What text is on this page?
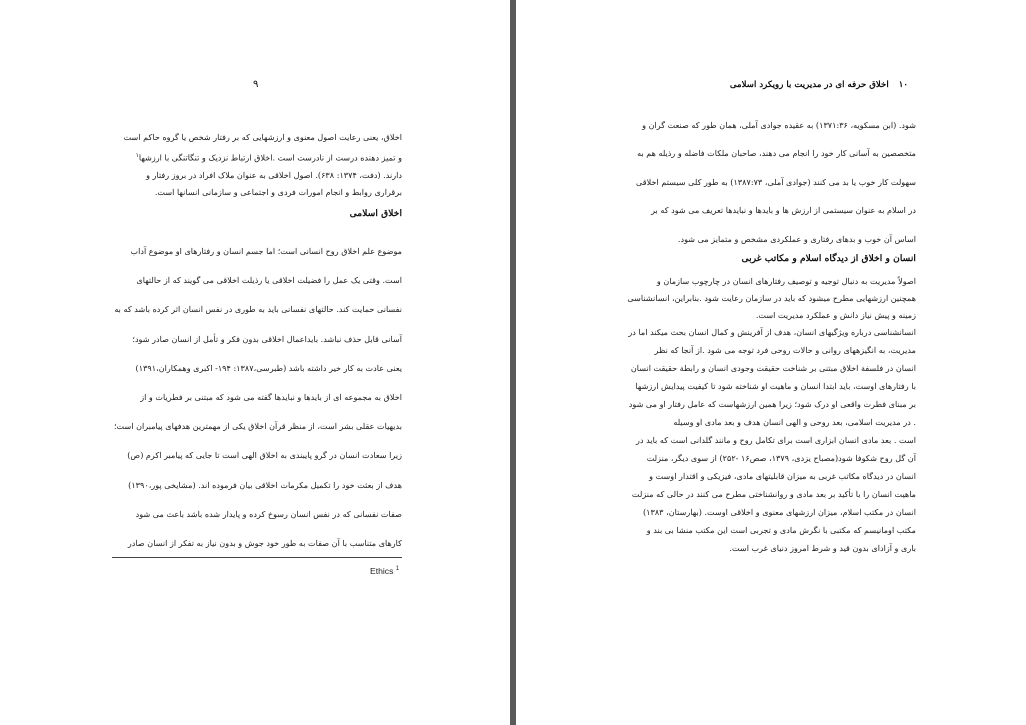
۹

اخلاق، یعنی رعایت اصول معنوی و ارزشهایی که بر رفتار شخص یا گروه حاکم است

و تمیز دهنده درست از نادرست است .اخلاق ارتباط نزدیک و تنگاتنگی با ارزشها$^۱$

دارند. (دفت، ۱۳۷۴: ۶۳۸). اصول اخلاقی به عنوان ملاک افراد در بروز رفتار و

برقراری روابط و انجام امورات فردی و اجتماعی و سازمانی انسانها است.

اخلاق اسلامی

موضوع علم اخلاق روح انسانی است؛ اما جسم انسان و رفتارهای او موضوع آداب

است. وقتی یک عمل را فضیلت اخلاقی یا رذیلت اخلاقی می گویند که از حالتهای

نفسانی حمایت کند. حالتهای نفسانی باید به طوری در نفس انسان اثر کرده باشد که به

آسانی قابل حذف نباشد. بایداعمال اخلاقی بدون فکر و تأمل از انسان صادر شود؛

یعنی عادت به کار خیر داشته باشد (طبرسی،۱۳۸۷: ۱۹۴- اکبری وهمکاران،۱۳۹۱)

اخلاق به مجموعه ای از بایدها و نبایدها گفته می شود که مبتنی بر فطریات و از

بدیهیات عقلی بشر است، از منظر قرآن اخلاق یکی از مهمترین هدفهای پیامبران است؛

زیرا سعادت انسان در گرو پایبندی به اخلاق الهی است تا جایی که پیامبر اکرم (ص)

هدف از بعثت خود را تکمیل مکرمات اخلاقی بیان فرموده اند. (مشایخی پور،۱۳۹۰)

صفات نفسانی که در نفس انسان رسوخ کرده و پایدار شده باشد باعث می شود

کارهای متناسب با آن صفات به طور خود جوش و بدون نیاز به تفکر از انسان صادر

Ethics $^1$
۱۰اخلاق حرفه ای در مدیریت با رویکرد اسلامی

شود. (ابن مسکویه، ۱۳۷۱:۳۶) به عقیده جوادی آملی، همان طور که صنعت گران و

متخصصین به آسانی کار خود را انجام می دهند، صاحبان ملکات فاضله و رذیله هم به

سهولت کار خوب یا بد می کنند (جوادی آملی، ۱۳۸۷:۷۳) به طور کلی سیستم اخلاقی

در اسلام به عنوان سیستمی از ارزش ها و بایدها و نبایدها تعریف می شود که بر

اساس آن خوب و بدهای رفتاری و عملکردی مشخص و متمایز می شود.

انسان و اخلاق از دیدگاه اسلام و مکاتب غربی

اصولاً مدیریت به دنبال توجیه و توصیف رفتارهای انسان در چارچوب سازمان و

همچنین ارزشهایی مطرح میشود که باید در سازمان رعایت شود .بنابراین، انسانشناسی

زمینه و پیش نیاز دانش و عملکرد مدیریت است.

انسانشناسی درباره ویژگیهای انسان، هدف از آفرینش و کمال انسان بحث میکند اما در

مدیریت، به انگیزههای روانی و حالات روحی فرد توجه می شود .از آنجا که نظر

انسان در فلسفة اخلاق مبتنی بر شناخت حقیقت وجودی انسان و رابطة حقیقت انسان

با رفتارهای اوست، باید ابتدا انسان و ماهیت او شناخته شود تا کیفیت پیدایش ارزشها

بر مبنای فطرت واقعی او درک شود؛ زیرا همین ارزشهاست که عامل رفتار او می شود

. در مدیریت اسلامی، بعد روحی و الهی انسان هدف و بعد مادی او وسیله

است . بعد مادی انسان ابزاری است برای تکامل روح و مانند گلدانی است که باید در

آن گل روح شکوفا شود(مصباح یزدی، ۱۳۷۹، صص۱۶ -۲۵۲) از سوی دیگر، منزلت

انسان در دیدگاه مکاتب غربی به میزان قابلیتهای مادی، فیزیکی و اقتدار اوست و

ماهیت انسان را با تأکید بر بعد مادی و روانشناختی مطرح می کنند در حالی که منزلت

انسان در مکتب اسلام، میزان ارزشهای معنوی و اخلاقی اوست. (بهارستان، ۱۳۸۳)

مکتب اومانیسم که مکتبی با نگرش مادی و تجربی است این مکتب منشا بی بند و

باری و آزادای بدون قید و شرط امروز دنیای غرب است.
